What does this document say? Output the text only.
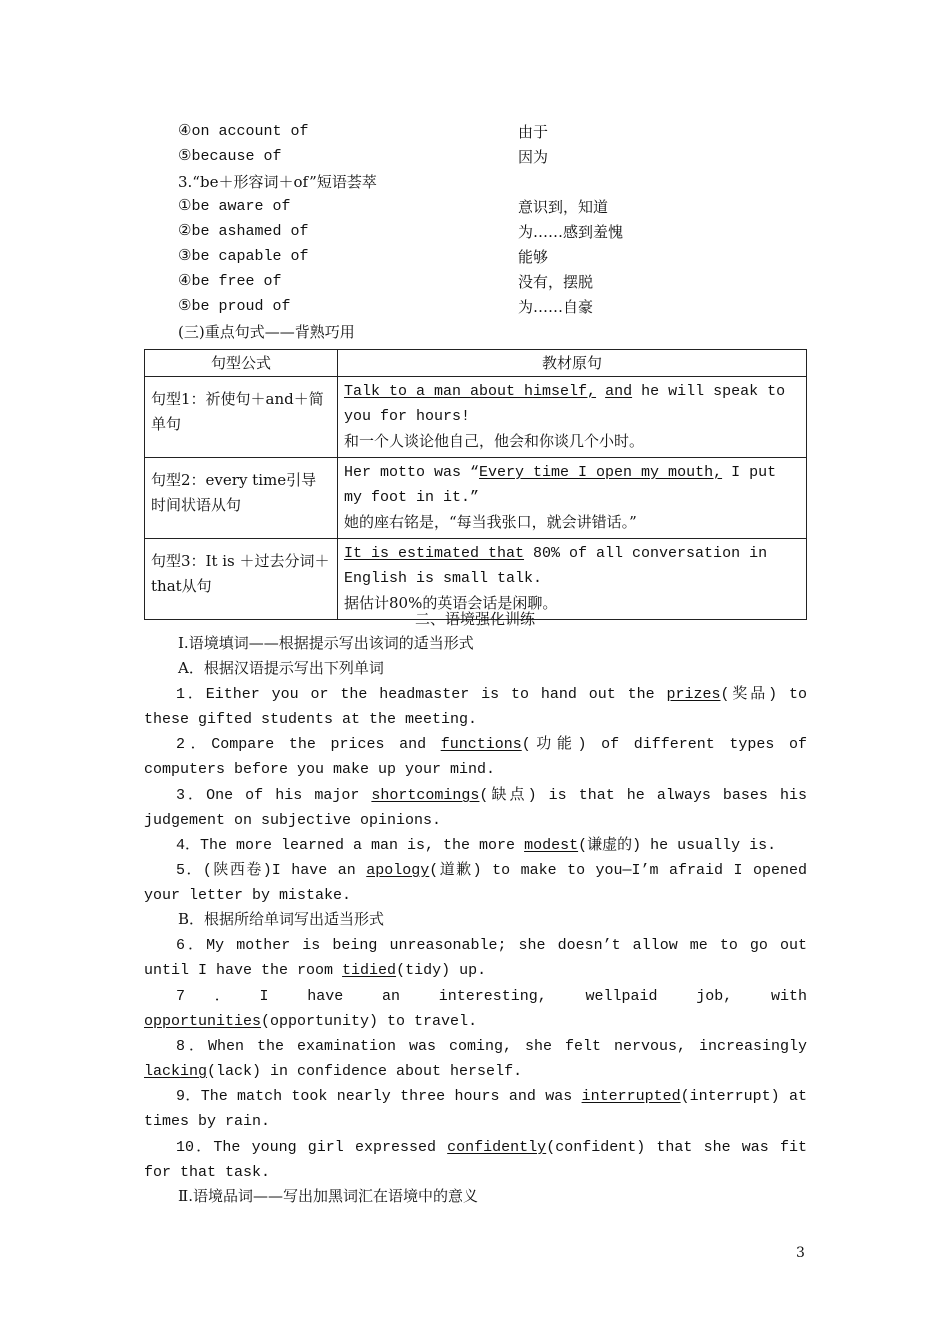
④on account of	由于
⑤because of	因为
3.“be＋形容词＋of”短语荟萃
①be aware of	意识到，知道
②be ashamed of	为……感到羞愧
③be capable of	能够
④be free of	没有，摆脱
⑤be proud of	为……自豪
(三)重点句式——背熟巧用
句型公式	教材原句
句型1：祈使句＋and＋简单句	Talk to a man about himself, and he will speak to you for hours!
和一个人谈论他自己，他会和你谈几个小时。
句型2：every time引导时间状语从句	Her motto was “Every time I open my mouth, I put my foot in it.”
她的座右铭是，“每当我张口，就会讲错话。”
句型3：It is ＋过去分词＋that从句	It is estimated that 80% of all conversation in English is small talk.
据估计80%的英语会话是闲聊。
二、语境强化训练
Ⅰ.语境填词——根据提示写出该词的适当形式
A．根据汉语提示写出下列单词
1．Either you or the headmaster is to hand out the prizes(奖品) to these gifted students at the meeting.
2．Compare the prices and functions(功能) of different types of computers before you make up your mind.
3．One of his major shortcomings(缺点) is that he always bases his judgement on subjective opinions.
4．The more learned a man is, the more modest(谦虚的) he usually is.
5．(陕西卷)I have an apology(道歉) to make to you—I’m afraid I opened your letter by mistake.
B．根据所给单词写出适当形式
6．My mother is being unreasonable; she doesn’t allow me to go out until I have the room tidied(tidy) up.
7．I have an interesting, wellpaid job, with opportunities(opportunity) to travel.
8．When the examination was coming, she felt nervous, increasingly lacking(lack) in confidence about herself.
9．The match took nearly three hours and was interrupted(interrupt) at times by rain.
10．The young girl expressed confidently(confident) that she was fit for that task.
Ⅱ.语境品词——写出加黑词汇在语境中的意义
3
